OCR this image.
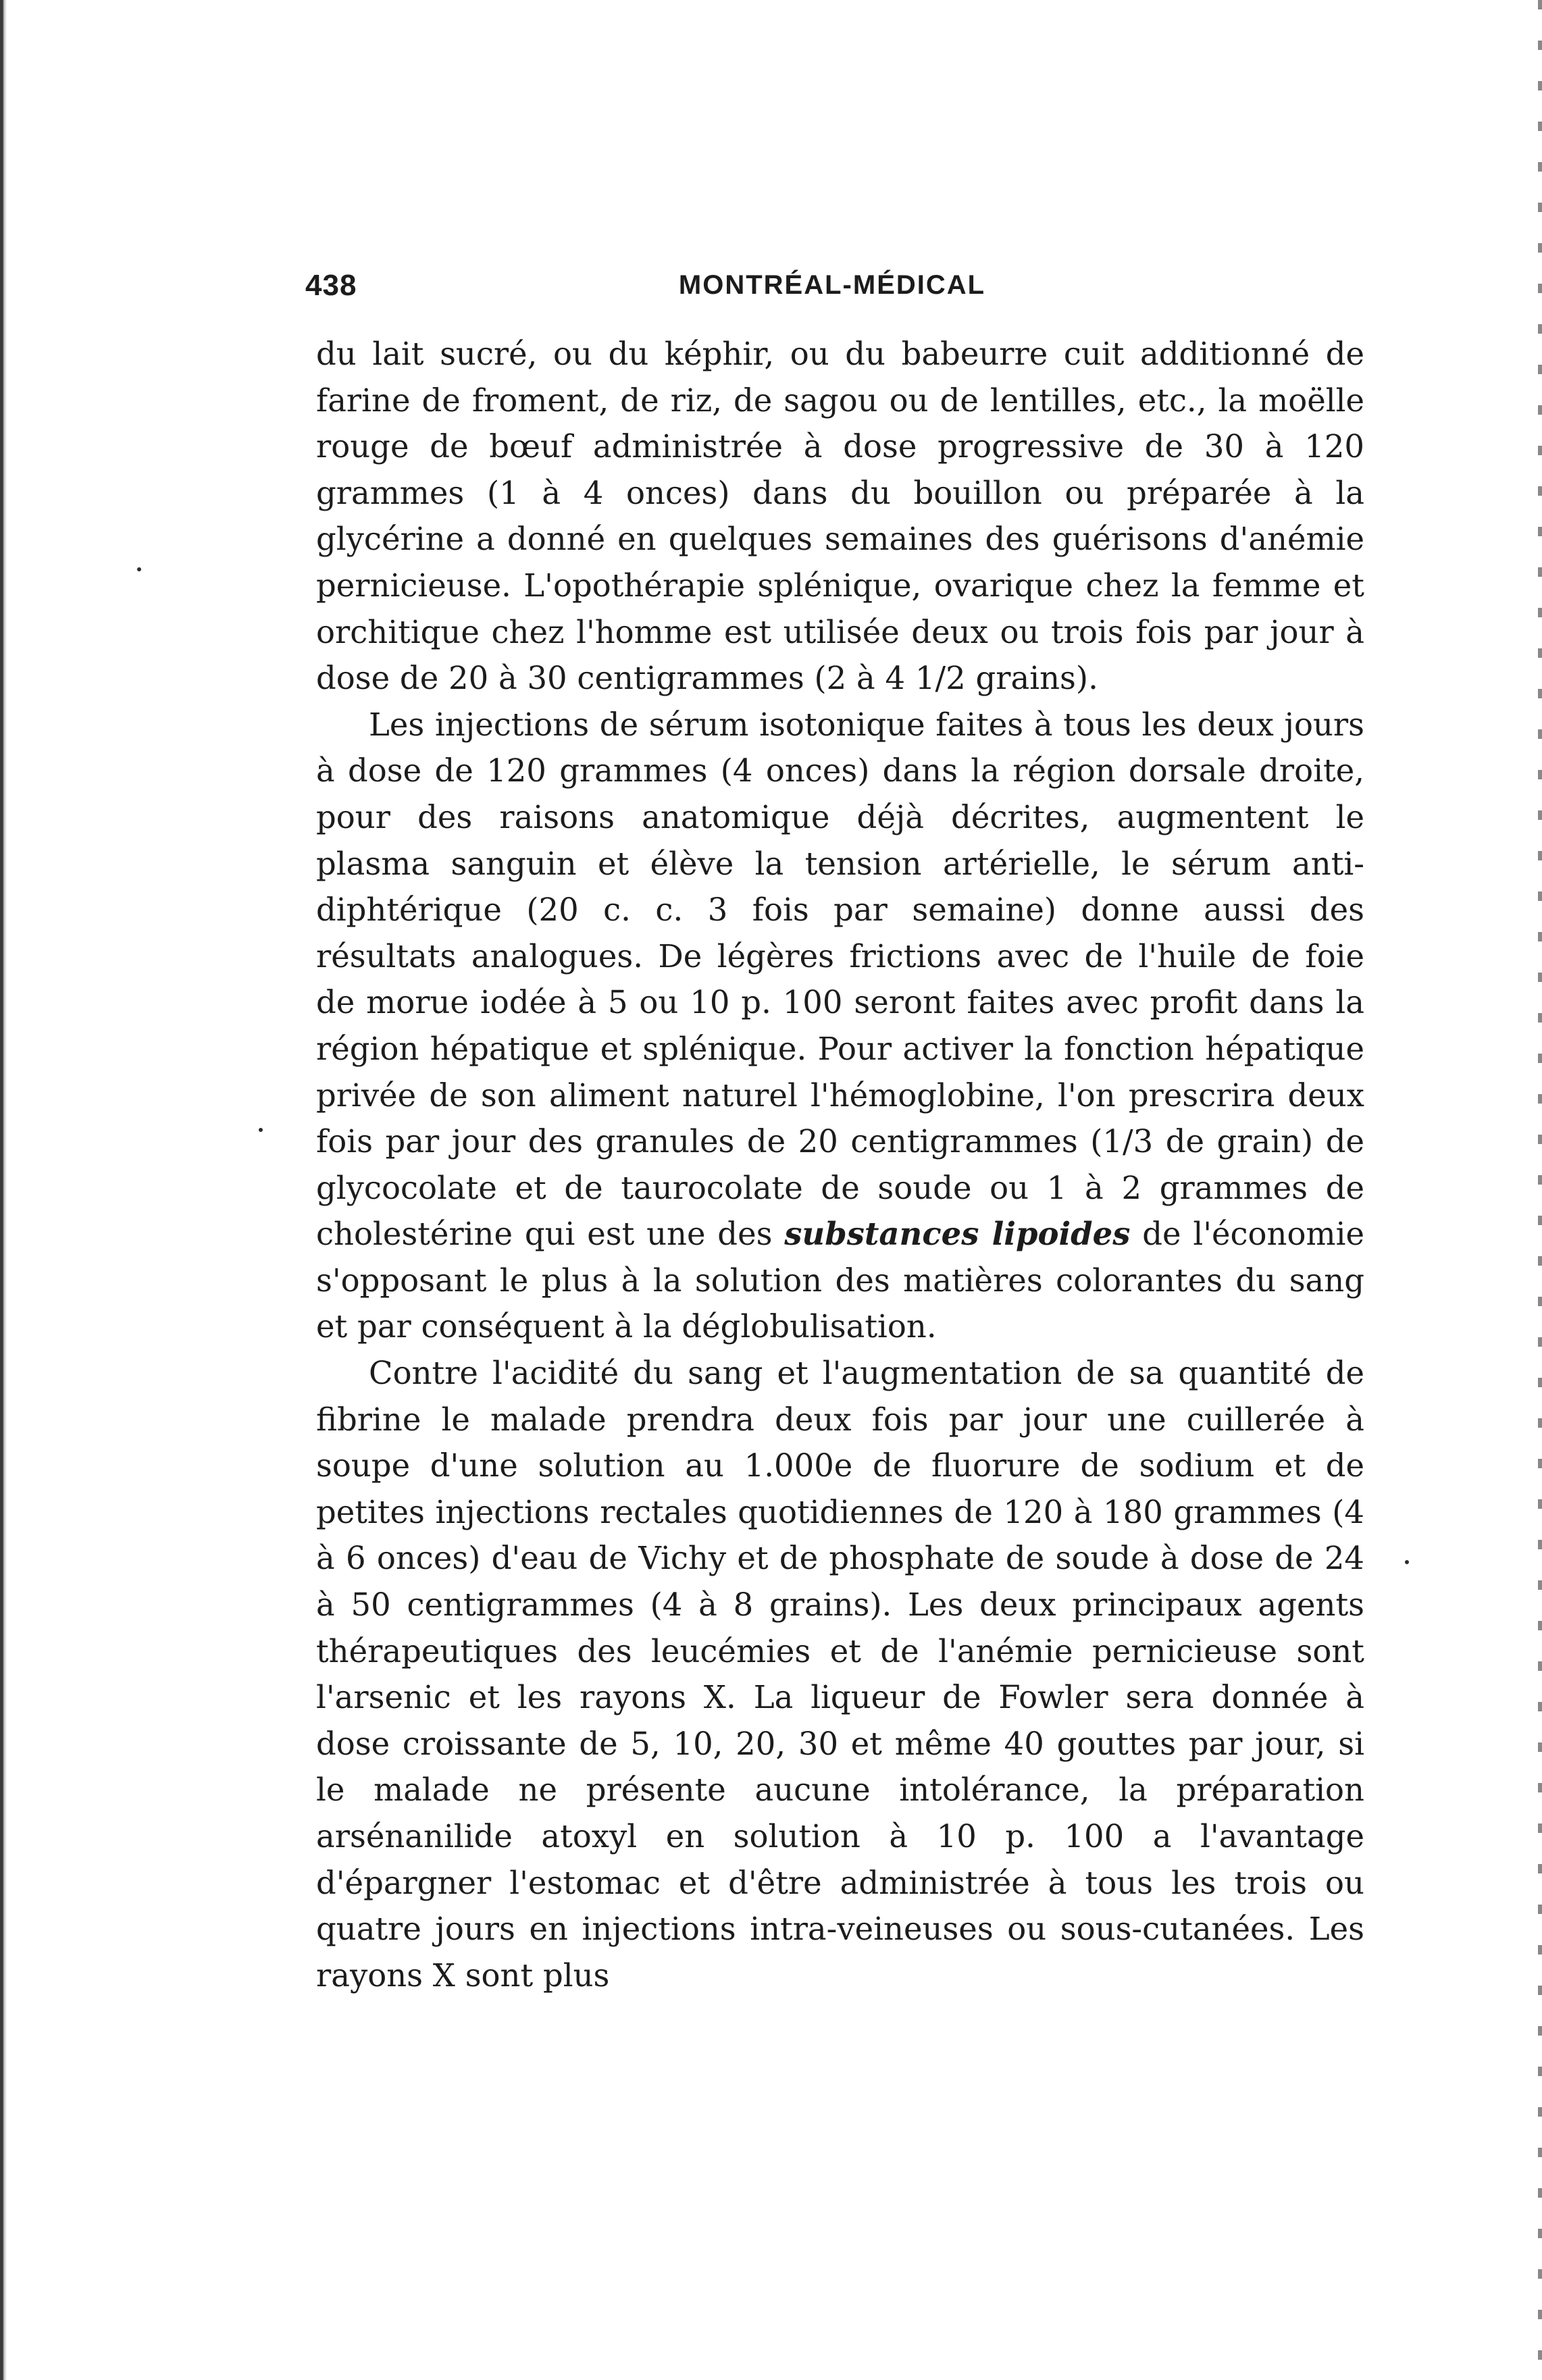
438	MONTRÉAL-MÉDICAL

du lait sucré, ou du képhir, ou du babeurre cuit additionné de farine de froment, de riz, de sagou ou de lentilles, etc., la moëlle rouge de bœuf administrée à dose progressive de 30 à 120 grammes (1 à 4 onces) dans du bouillon ou préparée à la glycérine a donné en quelques semaines des guérisons d'anémie pernicieuse. L'opothérapie splénique, ovarique chez la femme et orchitique chez l'homme est utilisée deux ou trois fois par jour à dose de 20 à 30 centigrammes (2 à 4 1/2 grains).

Les injections de sérum isotonique faites à tous les deux jours à dose de 120 grammes (4 onces) dans la région dorsale droite, pour des raisons anatomique déjà décrites, augmentent le plasma sanguin et élève la tension artérielle, le sérum anti-diphtérique (20 c. c. 3 fois par semaine) donne aussi des résultats analogues. De légères frictions avec de l'huile de foie de morue iodée à 5 ou 10 p. 100 seront faites avec profit dans la région hépatique et splénique. Pour activer la fonction hépatique privée de son aliment naturel l'hémoglobine, l'on prescrira deux fois par jour des granules de 20 centigrammes (1/3 de grain) de glycocolate et de taurocolate de soude ou 1 à 2 grammes de cholestérine qui est une des substances lipoides de l'économie s'opposant le plus à la solution des matières colorantes du sang et par conséquent à la déglobulisation.

Contre l'acidité du sang et l'augmentation de sa quantité de fibrine le malade prendra deux fois par jour une cuillerée à soupe d'une solution au 1.000e de fluorure de sodium et de petites injections rectales quotidiennes de 120 à 180 grammes (4 à 6 onces) d'eau de Vichy et de phosphate de soude à dose de 24 à 50 centigrammes (4 à 8 grains). Les deux principaux agents thérapeutiques des leucémies et de l'anémie pernicieuse sont l'arsenic et les rayons X. La liqueur de Fowler sera donnée à dose croissante de 5, 10, 20, 30 et même 40 gouttes par jour, si le malade ne présente aucune intolérance, la préparation arsénanilide atoxyl en solution à 10 p. 100 a l'avantage d'épargner l'estomac et d'être administrée à tous les trois ou quatre jours en injections intra-veineuses ou sous-cutanées. Les rayons X sont plus
